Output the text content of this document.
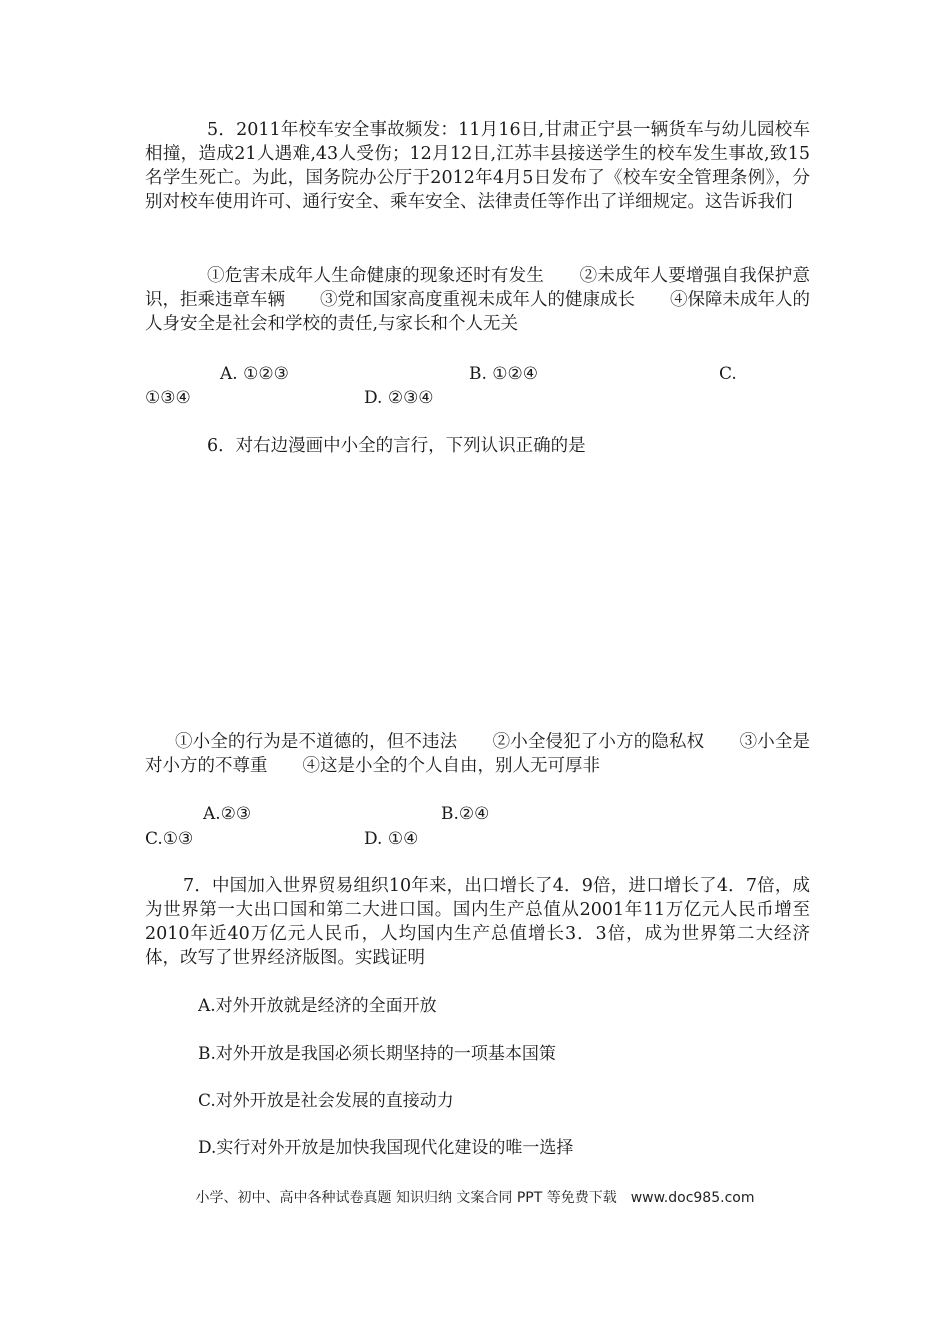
5．2011年校车安全事故频发：11月16日,甘肃正宁县一辆货车与幼儿园校车相撞，造成21人遇难,43人受伤；12月12日,江苏丰县接送学生的校车发生事故,致15名学生死亡。为此，国务院办公厅于2012年4月5日发布了《校车安全管理条例》，分别对校车使用许可、通行安全、乘车安全、法律责任等作出了详细规定。这告诉我们

①危害未成年人生命健康的现象还时有发生　　②未成年人要增强自我保护意识，拒乘违章车辆　　③党和国家高度重视未成年人的健康成长　　④保障未成年人的人身安全是社会和学校的责任,与家长和个人无关

A. ①②③	B. ①②④	C.

①③④	D. ②③④

6．对右边漫画中小全的言行，下列认识正确的是

①小全的行为是不道德的，但不违法　　②小全侵犯了小方的隐私权　　③小全是对小方的不尊重　　④这是小全的个人自由，别人无可厚非

A.②③	B.②④

C.①③	D. ①④

7．中国加入世界贸易组织10年来，出口增长了4．9倍，进口增长了4．7倍，成为世界第一大出口国和第二大进口国。国内生产总值从2001年11万亿元人民币增至2010年近40万亿元人民币，人均国内生产总值增长3．3倍，成为世界第二大经济体，改写了世界经济版图。实践证明

A.对外开放就是经济的全面开放

B.对外开放是我国必须长期坚持的一项基本国策

C.对外开放是社会发展的直接动力

D.实行对外开放是加快我国现代化建设的唯一选择

小学、初中、高中各种试卷真题 知识归纳 文案合同 PPT 等免费下载　www.doc985.com
